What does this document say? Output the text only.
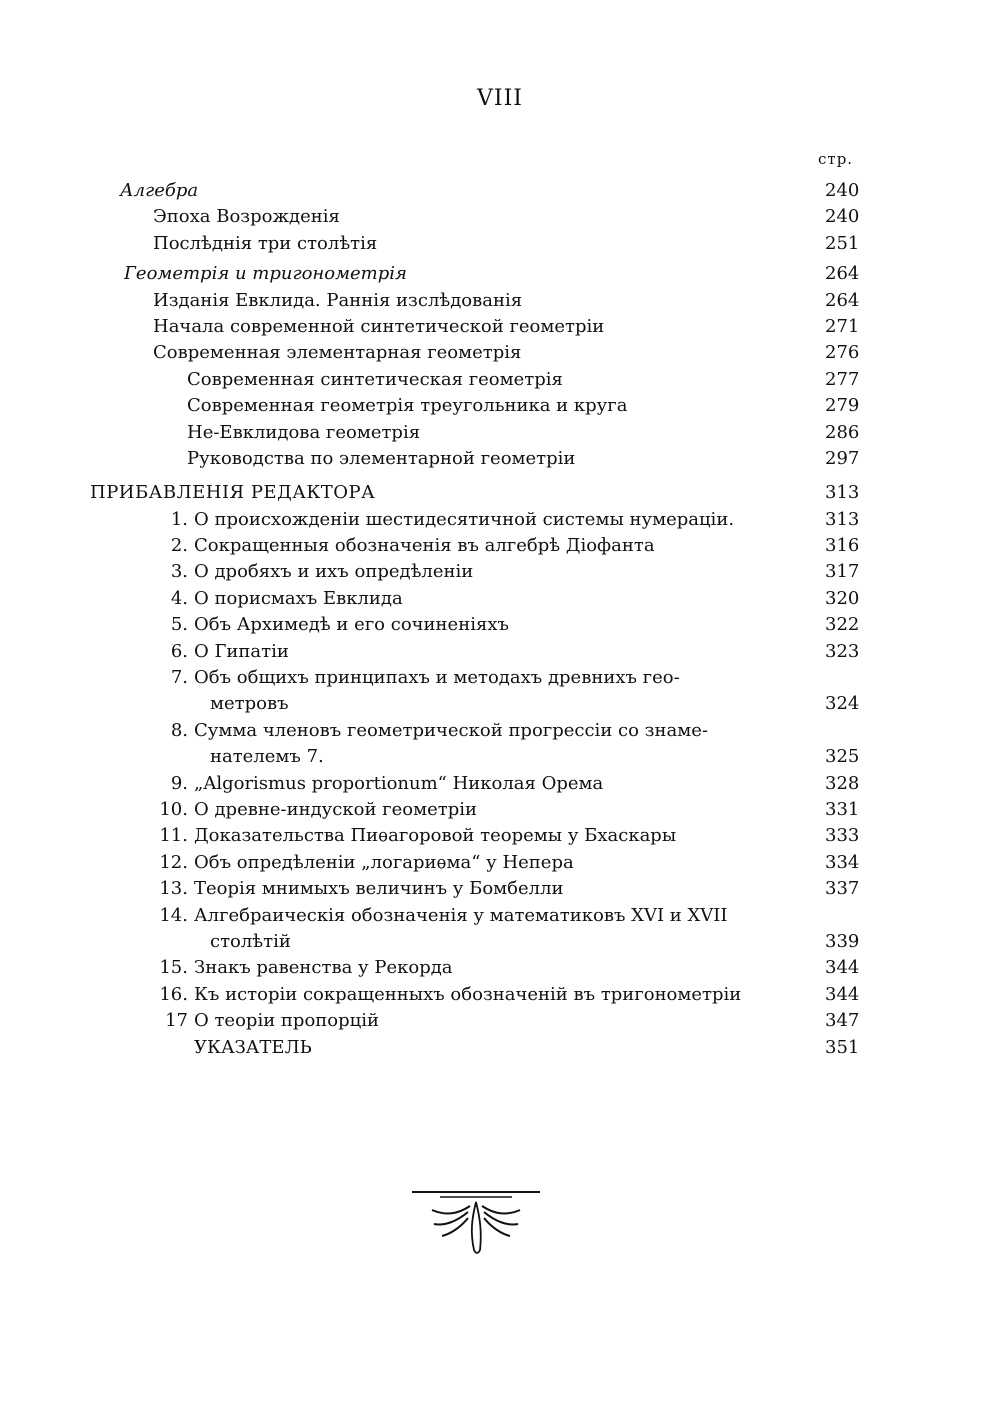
VIII
стр.
Алгебра	240
Эпоха Возрожденія	240
Послѣднія три столѣтія	251
Геометрія и тригонометрія	264
Изданія Евклида. Раннія изслѣдованія	264
Начала современной синтетической геометріи	271
Современная элементарная геометрія	276
Современная синтетическая геометрія	277
Современная геометрія треугольника и круга	279
Не-Евклидова геометрія	286
Руководства по элементарной геометріи	297
ПРИБАВЛЕНІЯ РЕДАКТОРА	313
1. О происхожденіи шестидесятичной системы нумераціи.	313
2. Сокращенныя обозначенія въ алгебрѣ Діофанта	316
3. О дробяхъ и ихъ опредѣленіи	317
4. О порисмахъ Евклида	320
5. Объ Архимедѣ и его сочиненіяхъ	322
6. О Гипатіи	323
7. Объ общихъ принципахъ и методахъ древнихъ гео-
метровъ	324
8. Сумма членовъ геометрической прогрессіи со знаме-
нателемъ 7.	325
9. „Algorismus proportionum“ Николая Орема	328
10. О древне-индуской геометріи	331
11. Доказательства Пиѳагоровой теоремы у Бхаскары	333
12. Объ опредѣленіи „логариѳма“ у Непера	334
13. Теорія мнимыхъ величинъ у Бомбелли	337
14. Алгебраическія обозначенія у математиковъ XVI и XVII
столѣтій	339
15. Знакъ равенства у Рекорда	344
16. Къ исторіи сокращенныхъ обозначеній въ тригонометріи	344
17 О теоріи пропорцій	347
УКАЗАТЕЛЬ	351
